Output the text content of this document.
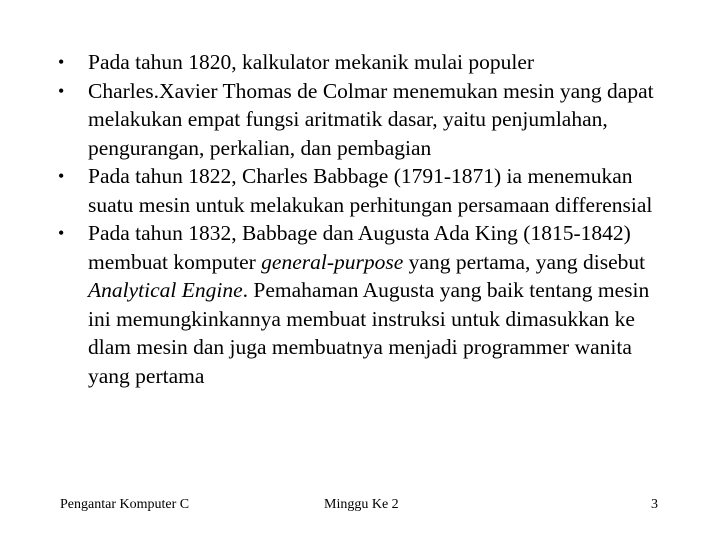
• Pada tahun 1820, kalkulator mekanik mulai populer
• Charles.Xavier Thomas de Colmar menemukan mesin yang dapat melakukan empat fungsi aritmatik dasar, yaitu penjumlahan, pengurangan, perkalian, dan pembagian
• Pada tahun 1822, Charles Babbage (1791-1871) ia menemukan suatu mesin untuk melakukan perhitungan persamaan differensial
• Pada tahun 1832, Babbage dan Augusta Ada King (1815-1842) membuat komputer general-purpose yang pertama, yang disebut Analytical Engine. Pemahaman Augusta yang baik tentang mesin ini memungkinkannya membuat instruksi untuk dimasukkan ke dlam mesin dan juga membuatnya menjadi programmer wanita yang pertama
Pengantar Komputer C	Minggu Ke 2	3
